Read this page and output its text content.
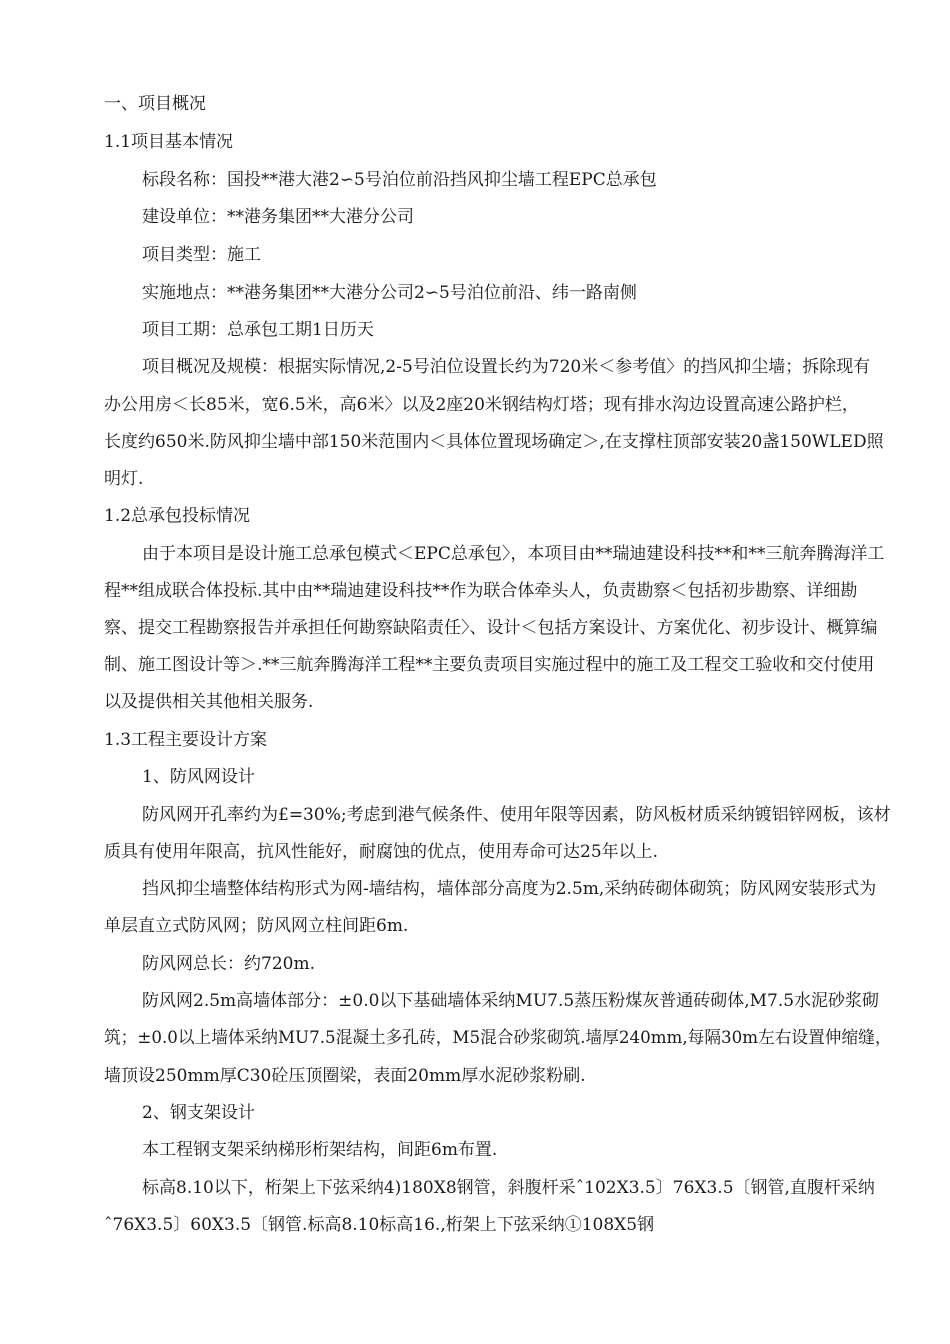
一、项目概况
1.1项目基本情况
标段名称：国投**港大港2∽5号泊位前沿挡风抑尘墙工程EPC总承包
建设单位：**港务集团**大港分公司
项目类型：施工
实施地点：**港务集团**大港分公司2∽5号泊位前沿、纬一路南侧
项目工期：总承包工期1日历天
项目概况及规模：根据实际情况,2-5号泊位设置长约为720米＜参考值〉的挡风抑尘墙；拆除现有
办公用房＜长85米，宽6.5米，高6米〉以及2座20米钢结构灯塔；现有排水沟边设置高速公路护栏，
长度约650米.防风抑尘墙中部150米范围内＜具体位置现场确定＞,在支撑柱顶部安装20盏150WLED照
明灯.
1.2总承包投标情况
由于本项目是设计施工总承包模式＜EPC总承包〉，本项目由**瑞迪建设科技**和**三航奔腾海洋工
程**组成联合体投标.其中由**瑞迪建设科技**作为联合体牵头人，负责勘察＜包括初步勘察、详细勘
察、提交工程勘察报告并承担任何勘察缺陷责任〉、设计＜包括方案设计、方案优化、初步设计、概算编
制、施工图设计等＞.**三航奔腾海洋工程**主要负责项目实施过程中的施工及工程交工验收和交付使用
以及提供相关其他相关服务.
1.3工程主要设计方案
1、防风网设计
防风网开孔率约为£=30%;考虑到港气候条件、使用年限等因素，防风板材质采纳镀铝锌网板，该材
质具有使用年限高，抗风性能好，耐腐蚀的优点，使用寿命可达25年以上.
挡风抑尘墙整体结构形式为网-墙结构，墙体部分高度为2.5m,采纳砖砌体砌筑；防风网安装形式为
单层直立式防风网；防风网立柱间距6m.
防风网总长：约720m.
防风网2.5m高墙体部分：±0.0以下基础墙体采纳MU7.5蒸压粉煤灰普通砖砌体,M7.5水泥砂浆砌
筑；±0.0以上墙体采纳MU7.5混凝土多孔砖，M5混合砂浆砌筑.墙厚240mm,每隔30m左右设置伸缩缝，
墙顶设250mm厚C30砼压顶圈梁，表面20mm厚水泥砂浆粉刷.
2、钢支架设计
本工程钢支架采纳梯形桁架结构，间距6m布置.
标高8.10以下，桁架上下弦采纳4)180X8钢管，斜腹杆采ˆ102X3.5〕76X3.5〔钢管,直腹杆采纳
ˆ76X3.5〕60X3.5〔钢管.标高8.10标高16.,桁架上下弦采纳①108X5钢
